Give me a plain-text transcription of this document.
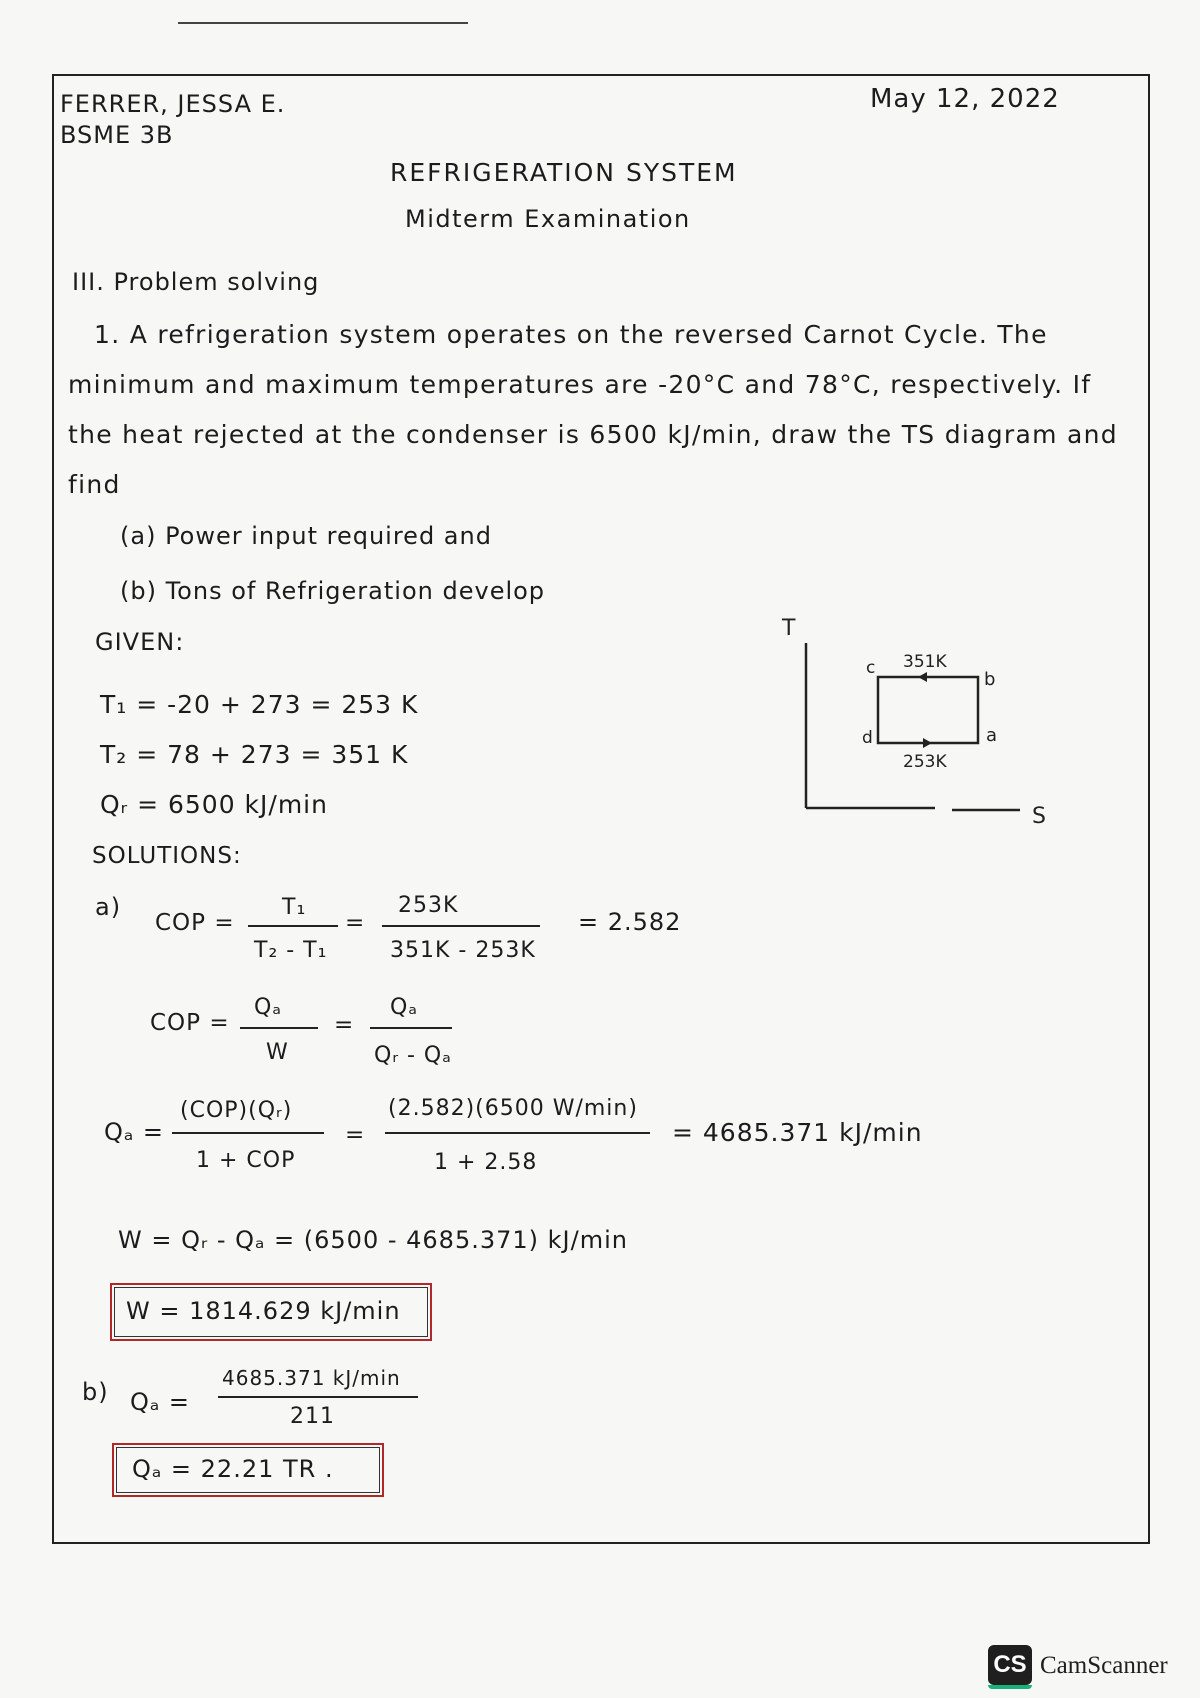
FERRER, JESSA E.
BSME 3B
May 12, 2022
REFRIGERATION SYSTEM
Midterm Examination
III. Problem solving
1. A refrigeration system operates on the reversed Carnot Cycle. The minimum and maximum temperatures are -20°C and 78°C, respectively. If the heat rejected at the condenser is 6500 kJ/min, draw the TS diagram and find
(a) Power input required and
(b) Tons of Refrigeration develop
GIVEN:
T₁ = -20 + 273 = 253 K
T₂ = 78 + 273 = 351 K
Qᵣ = 6500 kJ/min
T
S
351K
253K
c
b
d	a
SOLUTIONS:
a)
COP =
T₁
T₂ - T₁
=
253K
351K - 253K
= 2.582
COP =
Qₐ
W
=
Qₐ
Qᵣ - Qₐ
Qₐ =
(COP)(Qᵣ)
1 + COP
=
(2.582)(6500 W/min)
1 + 2.58
= 4685.371 kJ/min
W = Qᵣ - Qₐ = (6500 - 4685.371) kJ/min
W = 1814.629 kJ/min
b) Qₐ =
4685.371 kJ/min
211
Qₐ = 22.21 TR .
CS CamScanner
